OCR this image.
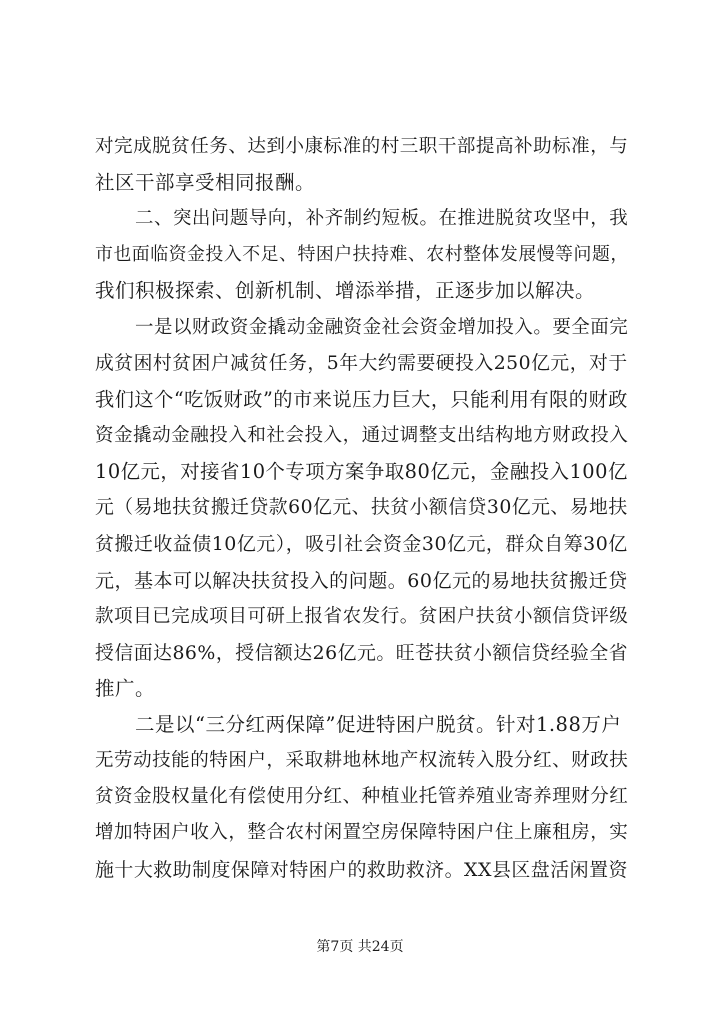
对完成脱贫任务、达到小康标准的村三职干部提高补助标准，与
社区干部享受相同报酬。
二、突出问题导向，补齐制约短板。在推进脱贫攻坚中，我
市也面临资金投入不足、特困户扶持难、农村整体发展慢等问题，
我们积极探索、创新机制、增添举措，正逐步加以解决。
一是以财政资金撬动金融资金社会资金增加投入。要全面完
成贫困村贫困户减贫任务，5年大约需要硬投入250亿元，对于
我们这个“吃饭财政”的市来说压力巨大，只能利用有限的财政
资金撬动金融投入和社会投入，通过调整支出结构地方财政投入
10亿元，对接省10个专项方案争取80亿元，金融投入100亿
元（易地扶贫搬迁贷款60亿元、扶贫小额信贷30亿元、易地扶
贫搬迁收益债10亿元），吸引社会资金30亿元，群众自筹30亿
元，基本可以解决扶贫投入的问题。60亿元的易地扶贫搬迁贷
款项目已完成项目可研上报省农发行。贫困户扶贫小额信贷评级
授信面达86%，授信额达26亿元。旺苍扶贫小额信贷经验全省
推广。
二是以“三分红两保障”促进特困户脱贫。针对1.88万户
无劳动技能的特困户，采取耕地林地产权流转入股分红、财政扶
贫资金股权量化有偿使用分红、种植业托管养殖业寄养理财分红
增加特困户收入，整合农村闲置空房保障特困户住上廉租房，实
施十大救助制度保障对特困户的救助救济。XX县区盘活闲置资
第7页 共24页
